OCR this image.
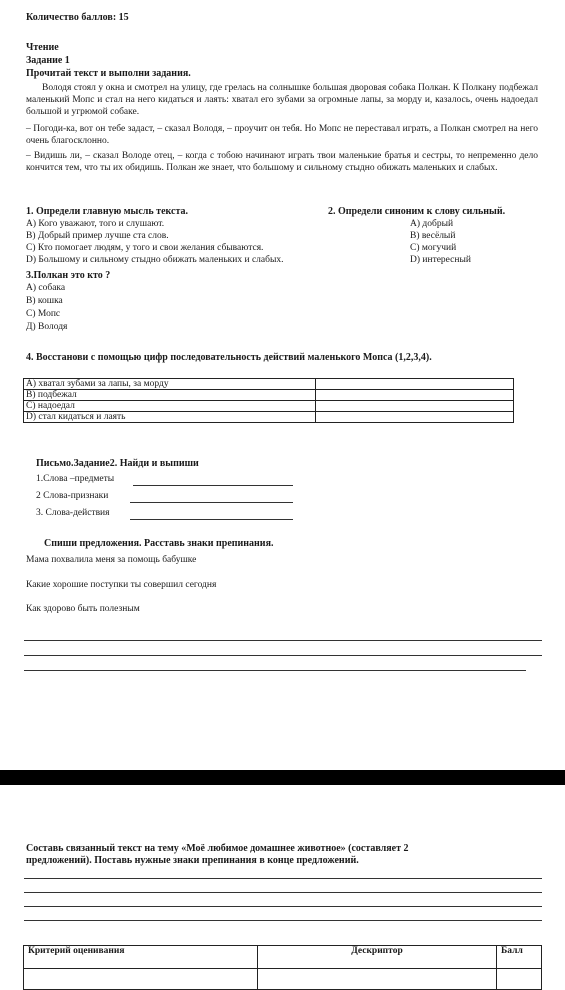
Количество баллов: 15
Чтение
Задание 1
Прочитай текст и выполни задания.
Володя стоял у окна и смотрел на улицу, где грелась на солнышке большая дворовая собака Полкан. К Полкану подбежал маленький Мопс и стал на него кидаться и лаять: хватал его зубами за огромные лапы, за морду и, казалось, очень надоедал большой и угрюмой собаке.
– Погоди-ка, вот он тебе задаст, – сказал Володя, – проучит он тебя. Но Мопс не переставал играть, а Полкан смотрел на него очень благосклонно.
– Видишь ли, – сказал Володе отец, – когда с тобою начинают играть твои маленькие братья и сестры, то непременно дело кончится тем, что ты их обидишь. Полкан же знает, что большому и сильному стыдно обижать маленьких и слабых.
1. Определи главную мысль текста.
А) Кого уважают, того и слушают.
В) Добрый пример лучше ста слов.
С) Кто помогает людям, у того и свои желания сбываются.
D) Большому и сильному стыдно обижать маленьких и слабых.
2. Определи синоним к слову сильный.
А) добрый
В) весёлый
С) могучий
D) интересный
3.Полкан это кто ?
А) собака
В) кошка
С) Мопс
Д) Володя
4. Восстанови с помощью цифр последовательность действий маленького Мопса (1,2,3,4).
А) хватал зубами за лапы, за морду	
В) подбежал	
С) надоедал	
D) стал кидаться и лаять	
Письмо.Задание2. Найди и выпиши
1.Слова –предметы
2 Слова-признаки
3. Слова-действия
Спиши предложения. Расставь знаки препинания.
Мама похвалила меня за помощь бабушке
Какие хорошие поступки ты совершил сегодня
Как здорово быть полезным
Составь связанный текст на тему «Моё любимое домашнее животное» (составляет 2
предложений). Поставь нужные знаки препинания в конце предложений.
Критерий оценивания	Дескриптор	Балл
